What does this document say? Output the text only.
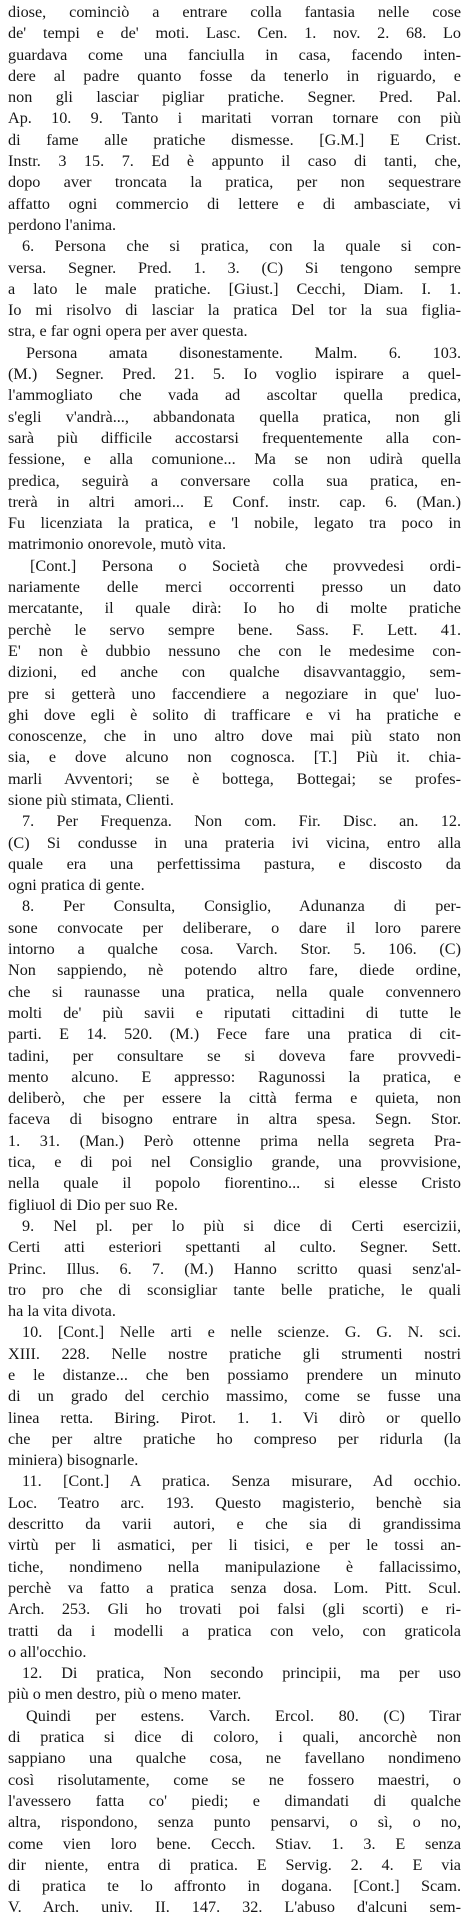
diose, cominciò a entrare colla fantasia nelle cose
de' tempi e de' moti. Lasc. Cen. 1. nov. 2. 68. Lo
guardava come una fanciulla in casa, facendo inten-
dere al padre quanto fosse da tenerlo in riguardo, e
non gli lasciar pigliar pratiche. Segner. Pred. Pal.
Ap. 10. 9. Tanto i maritati vorran tornare con più
di fame alle pratiche dismesse. [G.M.] E Crist.
Instr. 3 15. 7. Ed è appunto il caso di tanti, che,
dopo aver troncata la pratica, per non sequestrare
affatto ogni commercio di lettere e di ambasciate, vi
perdono l'anima.
6. Persona che si pratica, con la quale si con-
versa. Segner. Pred. 1. 3. (C) Si tengono sempre
a lato le male pratiche. [Giust.] Cecchi, Diam. I. 1.
Io mi risolvo di lasciar la pratica Del tor la sua figlia-
stra, e far ogni opera per aver questa.
Persona amata disonestamente. Malm. 6. 103.
(M.) Segner. Pred. 21. 5. Io voglio ispirare a quel-
l'ammogliato che vada ad ascoltar quella predica,
s'egli v'andrà..., abbandonata quella pratica, non gli
sarà più difficile accostarsi frequentemente alla con-
fessione, e alla comunione... Ma se non udirà quella
predica, seguirà a conversare colla sua pratica, en-
trerà in altri amori... E Conf. instr. cap. 6. (Man.)
Fu licenziata la pratica, e 'l nobile, legato tra poco in
matrimonio onorevole, mutò vita.
[Cont.] Persona o Società che provvedesi ordi-
nariamente delle merci occorrenti presso un dato
mercatante, il quale dirà: Io ho di molte pratiche
perchè le servo sempre bene. Sass. F. Lett. 41.
E' non è dubbio nessuno che con le medesime con-
dizioni, ed anche con qualche disavvantaggio, sem-
pre si getterà uno faccendiere a negoziare in que' luo-
ghi dove egli è solito di trafficare e vi ha pratiche e
conoscenze, che in uno altro dove mai più stato non
sia, e dove alcuno non cognosca. [T.] Più it. chia-
marli Avventori; se è bottega, Bottegai; se profes-
sione più stimata, Clienti.
7. Per Frequenza. Non com. Fir. Disc. an. 12.
(C) Si condusse in una prateria ivi vicina, entro alla
quale era una perfettissima pastura, e discosto da
ogni pratica di gente.
8. Per Consulta, Consiglio, Adunanza di per-
sone convocate per deliberare, o dare il loro parere
intorno a qualche cosa. Varch. Stor. 5. 106. (C)
Non sappiendo, nè potendo altro fare, diede ordine,
che si raunasse una pratica, nella quale convennero
molti de' più savii e riputati cittadini di tutte le
parti. E 14. 520. (M.) Fece fare una pratica di cit-
tadini, per consultare se si doveva fare provvedi-
mento alcuno. E appresso: Ragunossi la pratica, e
deliberò, che per essere la città ferma e quieta, non
faceva di bisogno entrare in altra spesa. Segn. Stor.
1. 31. (Man.) Però ottenne prima nella segreta Pra-
tica, e di poi nel Consiglio grande, una provvisione,
nella quale il popolo fiorentino... si elesse Cristo
figliuol di Dio per suo Re.
9. Nel pl. per lo più si dice di Certi esercizii,
Certi atti esteriori spettanti al culto. Segner. Sett.
Princ. Illus. 6. 7. (M.) Hanno scritto quasi senz'al-
tro pro che di sconsigliar tante belle pratiche, le quali
ha la vita divota.
10. [Cont.] Nelle arti e nelle scienze. G. G. N. sci.
XIII. 228. Nelle nostre pratiche gli strumenti nostri
e le distanze... che ben possiamo prendere un minuto
di un grado del cerchio massimo, come se fusse una
linea retta. Biring. Pirot. 1. 1. Vi dirò or quello
che per altre pratiche ho compreso per ridurla (la
miniera) bisognarle.
11. [Cont.] A pratica. Senza misurare, Ad occhio.
Loc. Teatro arc. 193. Questo magisterio, benchè sia
descritto da varii autori, e che sia di grandissima
virtù per li asmatici, per li tisici, e per le tossi an-
tiche, nondimeno nella manipulazione è fallacissimo,
perchè va fatto a pratica senza dosa. Lom. Pitt. Scul.
Arch. 253. Gli ho trovati poi falsi (gli scorti) e ri-
tratti da i modelli a pratica con velo, con graticola
o all'occhio.
12. Di pratica, Non secondo principii, ma per uso
più o men destro, più o meno mater.
Quindi per estens. Varch. Ercol. 80. (C) Tirar
di pratica si dice di coloro, i quali, ancorchè non
sappiano una qualche cosa, ne favellano nondimeno
così risolutamente, come se ne fossero maestri, o
l'avessero fatta co' piedi; e dimandati di qualche
altra, rispondono, senza punto pensarvi, o sì, o no,
come vien loro bene. Cecch. Stiav. 1. 3. E senza
dir niente, entra di pratica. E Servig. 2. 4. E via
di pratica te lo affronto in dogana. [Cont.] Scam.
V. Arch. univ. II. 147. 32. L'abuso d'alcuni sem-
